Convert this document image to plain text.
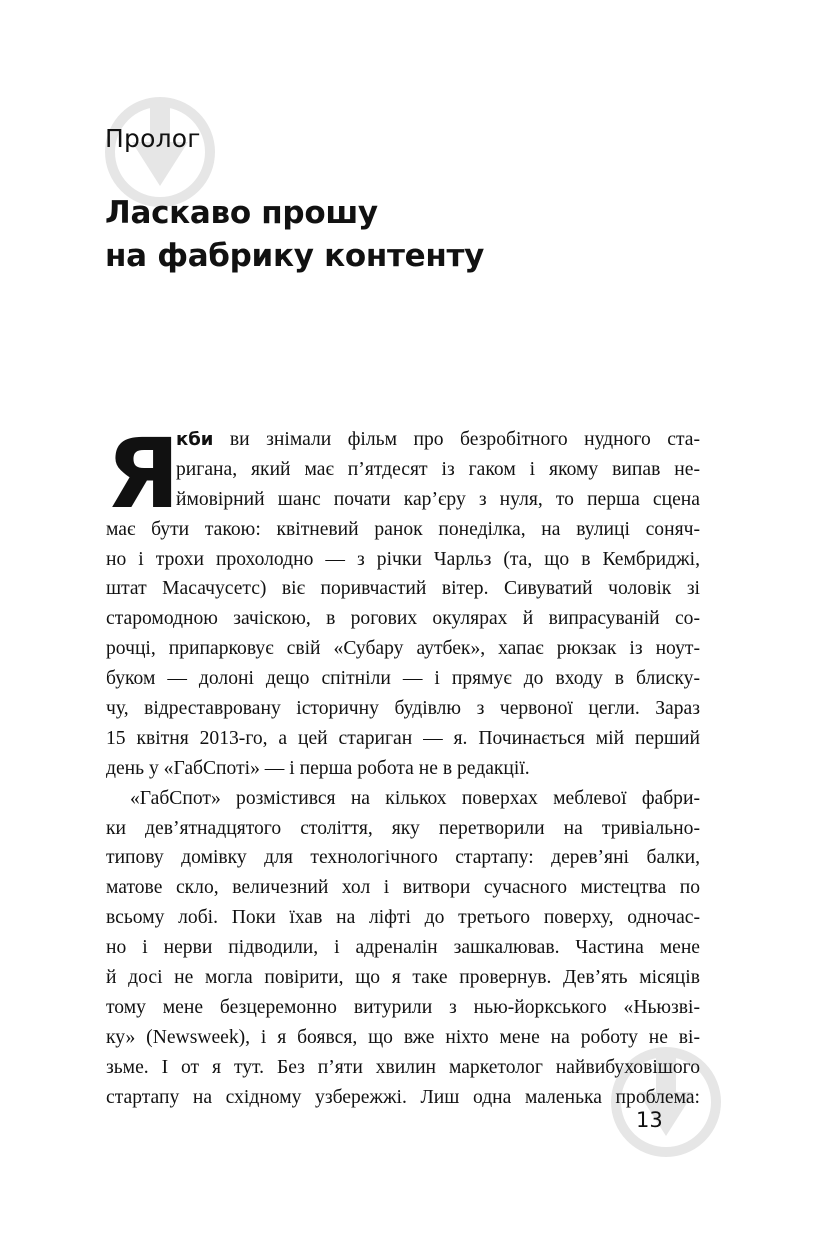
Пролог
Ласкаво прошу
на фабрику контенту
Я
кби ви знімали фільм про безробітного нудного ста-
ригана, який має п’ятдесят із гаком і якому випав не-
ймовірний шанс почати кар’єру з нуля, то перша сцена
має бути такою: квітневий ранок понеділка, на вулиці соняч-
но і трохи прохолодно — з річки Чарльз (та, що в Кембриджі,
штат Масачусетс) віє поривчастий вітер. Сивуватий чоловік зі
старомодною зачіскою, в рогових окулярах й випрасуваній со-
рочці, припарковує свій «Субару аутбек», хапає рюкзак із ноут-
буком — долоні дещо спітніли — і прямує до входу в блиску-
чу, відреставровану історичну будівлю з червоної цегли. Зараз
15 квітня 2013-го, а цей стариган — я. Починається мій перший
день у «ГабСпоті» — і перша робота не в редакції.
«ГабСпот» розмістився на кількох поверхах меблевої фабри-
ки дев’ятнадцятого століття, яку перетворили на тривіально-
типову домівку для технологічного стартапу: дерев’яні балки,
матове скло, величезний хол і витвори сучасного мистецтва по
всьому лобі. Поки їхав на ліфті до третього поверху, одночас-
но і нерви підводили, і адреналін зашкалював. Частина мене
й досі не могла повірити, що я таке провернув. Дев’ять місяців
тому мене безцеремонно витурили з нью-йоркського «Ньюзві-
ку» (Newsweek), і я боявся, що вже ніхто мене на роботу не ві-
зьме. І от я тут. Без п’яти хвилин маркетолог найвибуховішого
стартапу на східному узбережжі. Лиш одна маленька проблема:
13
